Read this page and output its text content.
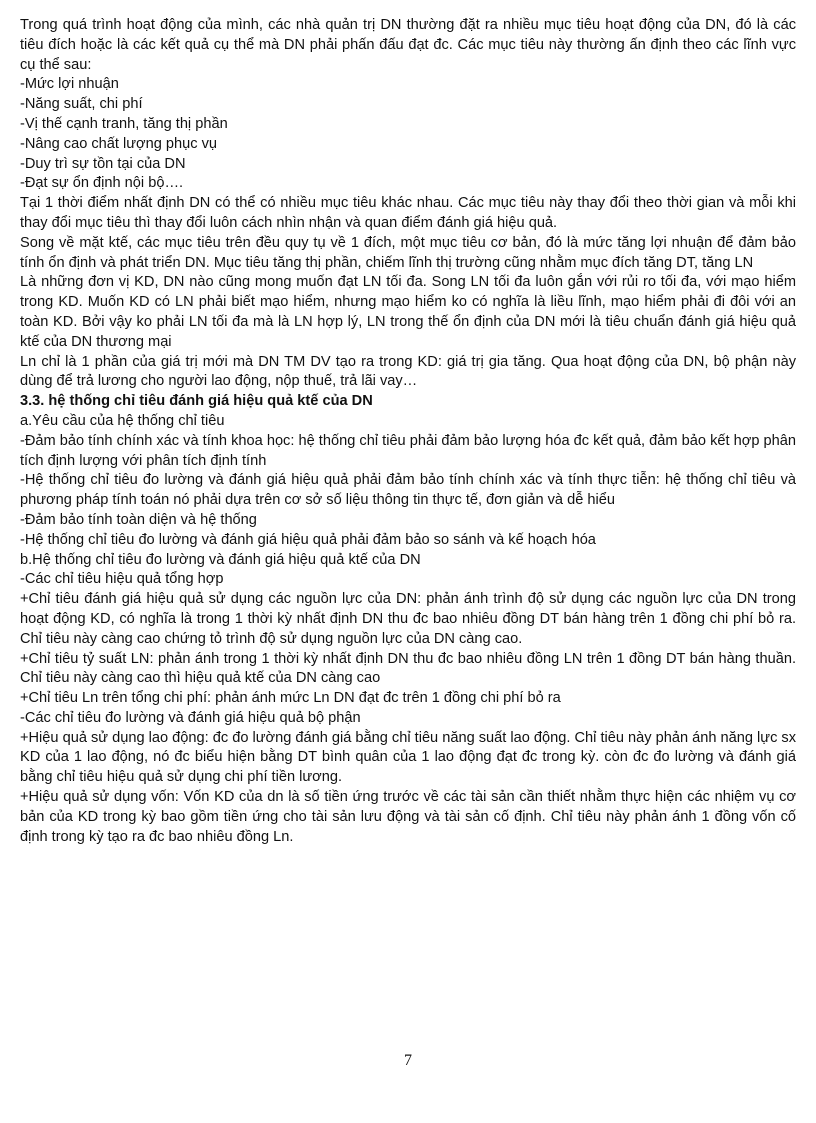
Trong quá trình hoạt động của mình, các nhà quản trị DN thường đặt ra nhiều mục tiêu hoạt động của DN, đó là các tiêu đích hoặc là các kết quả cụ thể mà DN phải phấn đấu đạt đc. Các mục tiêu này thường ấn định theo các lĩnh vực cụ thể sau:

-Mức lợi nhuận

-Năng suất, chi phí

-Vị thế cạnh tranh, tăng thị phần

-Nâng cao chất lượng phục vụ

-Duy trì sự tồn tại của DN

-Đạt sự ổn định nội bộ….

Tại 1 thời điểm nhất định DN có thể có nhiều mục tiêu khác nhau. Các mục tiêu này thay đổi theo thời gian và mỗi khi thay đổi mục tiêu thì thay đổi luôn cách nhìn nhận và quan điểm đánh giá hiệu quả.

Song về mặt ktế, các mục tiêu trên đều quy tụ về 1 đích, một mục tiêu cơ bản, đó là mức tăng lợi nhuận để đảm bảo tính ổn định và phát triển DN. Mục tiêu tăng thị phần, chiếm lĩnh thị trường cũng nhằm mục đích tăng DT, tăng LN

Là những đơn vị KD, DN nào cũng mong muốn đạt LN tối đa. Song LN tối đa luôn gắn với rủi ro tối đa, với mạo hiểm trong KD. Muốn KD có LN phải biết mạo hiểm, nhưng mạo hiểm ko có nghĩa là liều lĩnh, mạo hiểm phải đi đôi với an toàn KD. Bởi vậy ko phải LN tối đa mà là LN hợp lý, LN trong thế ổn định của DN mới là tiêu chuẩn đánh giá hiệu quả ktế của DN thương mại

Ln chỉ là 1 phần của giá trị mới mà DN TM DV tạo ra trong KD: giá trị gia tăng. Qua hoạt động của DN, bộ phận này dùng để trả lương cho người lao động, nộp thuế, trả lãi vay…

3.3. hệ thống chỉ tiêu đánh giá hiệu quả ktế của DN

a.Yêu cầu của hệ thống chỉ tiêu

-Đảm bảo tính chính xác và tính khoa học: hệ thống chỉ tiêu phải đảm bảo lượng hóa đc kết quả, đảm bảo kết hợp phân tích định lượng với phân tích định tính

-Hệ thống chỉ tiêu đo lường và đánh giá hiệu quả phải đảm bảo tính chính xác và tính thực tiễn: hệ thống chỉ tiêu và phương pháp tính toán nó phải dựa trên cơ sở số liệu thông tin thực tế, đơn giản và dễ hiểu

-Đảm bảo tính toàn diện và hệ thống

-Hệ thống chỉ tiêu đo lường và đánh giá hiệu quả phải đảm bảo so sánh và kế hoạch hóa

b.Hệ thống chỉ tiêu đo lường và đánh giá hiệu quả ktế của DN

-Các chỉ tiêu hiệu quả tổng hợp

+Chỉ tiêu đánh giá hiệu quả sử dụng các nguồn lực của DN: phản ánh trình độ sử dụng các nguồn lực của DN trong hoạt động KD, có nghĩa là trong 1 thời kỳ nhất định DN thu đc bao nhiêu đồng DT bán hàng trên 1 đồng chi phí bỏ ra. Chỉ tiêu này càng cao chứng tỏ trình độ sử dụng nguồn lực của DN càng cao.

+Chỉ tiêu tỷ suất LN: phản ánh trong 1 thời kỳ nhất định DN thu đc bao nhiêu đồng LN trên 1 đồng DT bán hàng thuần. Chỉ tiêu này càng cao thì hiệu quả ktế của DN càng cao

+Chỉ tiêu Ln trên tổng chi phí: phản ánh mức Ln DN đạt đc trên 1 đồng chi phí bỏ ra

-Các chỉ tiêu đo lường và đánh giá hiệu quả bộ phận

+Hiệu quả sử dụng lao động: đc đo lường đánh giá bằng chỉ tiêu năng suất lao động. Chỉ tiêu này phản ánh năng lực sx KD của 1 lao động, nó đc biểu hiện bằng DT bình quân của 1 lao động đạt đc trong kỳ. còn đc đo lường và đánh giá bằng chỉ tiêu hiệu quả sử dụng chi phí tiền lương.

+Hiệu quả sử dụng vốn: Vốn KD của dn là số tiền ứng trước về các tài sản cần thiết nhằm thực hiện các nhiệm vụ cơ bản của KD trong kỳ bao gồm tiền ứng cho tài sản lưu động và tài sản cố định. Chỉ tiêu này phản ánh 1 đồng vốn cố định trong kỳ tạo ra đc bao nhiêu đồng Ln.

7
